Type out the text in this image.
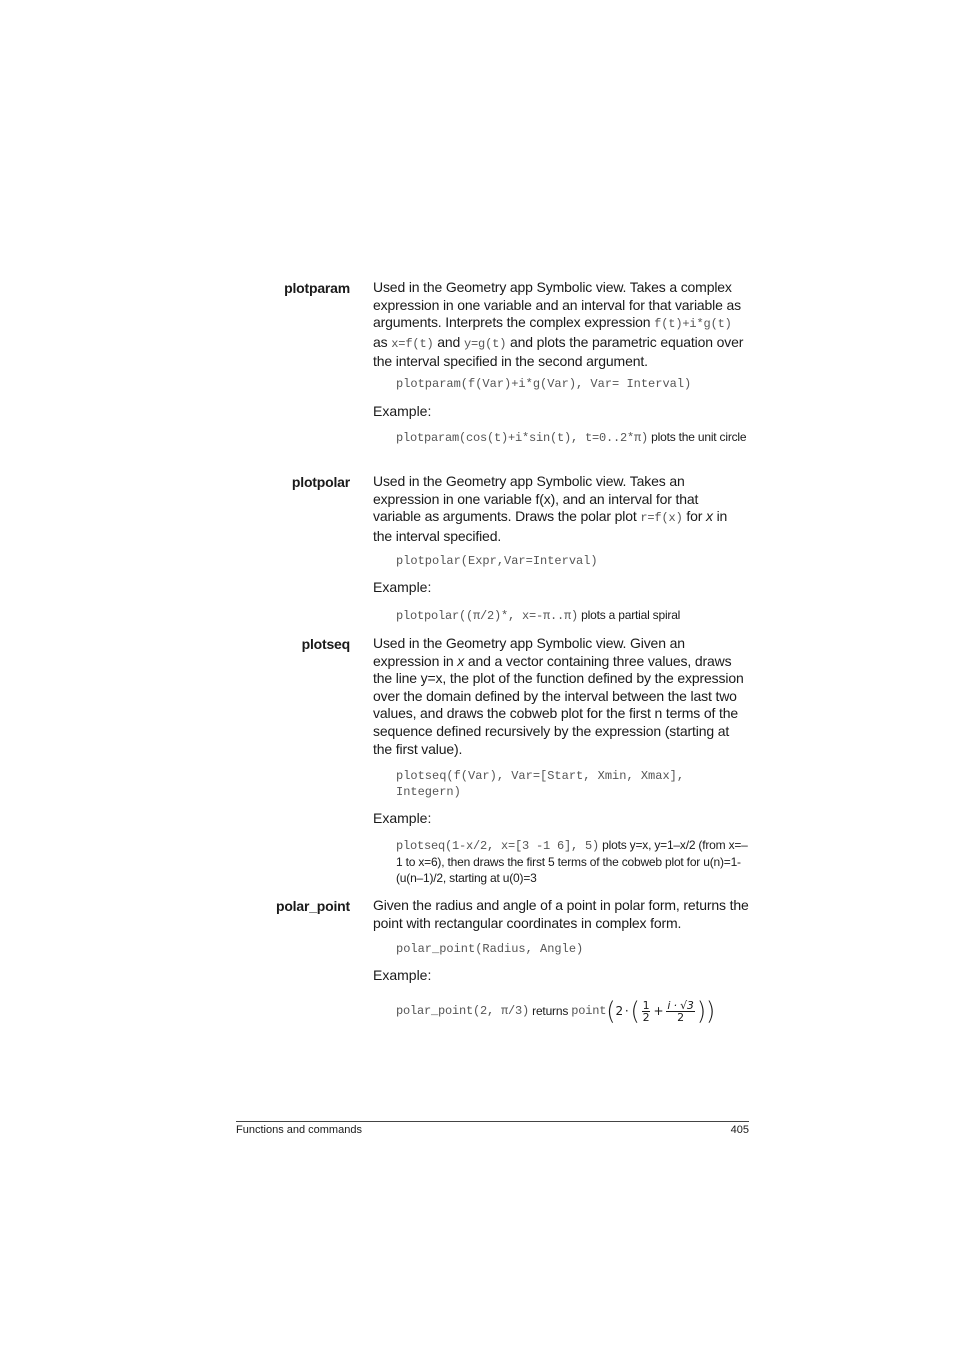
plotparam Used in the Geometry app Symbolic view. Takes a complex expression in one variable and an interval for that variable as arguments. Interprets the complex expression f(t)+i*g(t) as x=f(t) and y=g(t) and plots the parametric equation over the interval specified in the second argument.
plotparam(f(Var)+i*g(Var), Var= Interval)
Example:
plotparam(cos(t)+i*sin(t), t=0..2*π) plots the unit circle
plotpolar Used in the Geometry app Symbolic view. Takes an expression in one variable f(x), and an interval for that variable as arguments. Draws the polar plot r=f(x) for x in the interval specified.
plotpolar(Expr,Var=Interval)
Example:
plotpolar((π/2)*, x=-π..π) plots a partial spiral
plotseq Used in the Geometry app Symbolic view. Given an expression in x and a vector containing three values, draws the line y=x, the plot of the function defined by the expression over the domain defined by the interval between the last two values, and draws the cobweb plot for the first n terms of the sequence defined recursively by the expression (starting at the first value).
plotseq(f(Var), Var=[Start, Xmin, Xmax], Integern)
Example:
plotseq(1-x/2, x=[3 -1 6], 5) plots y=x, y=1–x/2 (from x=–1 to x=6), then draws the first 5 terms of the cobweb plot for u(n)=1-(u(n–1)/2, starting at u(0)=3
polar_point Given the radius and angle of a point in polar form, returns the point with rectangular coordinates in complex form.
polar_point(Radius, Angle)
Example:
polar_point(2, π/3) returns point ( 2 · ( $\frac{1}{2} + \frac{i \cdot √3}{2}$ ) )
Functions and commands	405
